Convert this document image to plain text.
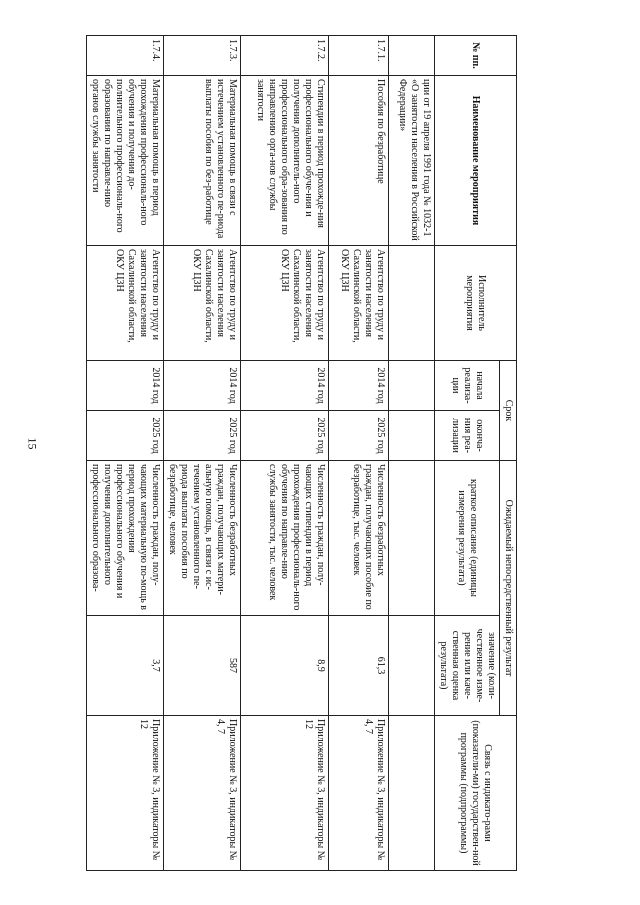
15
№ пп.	Наименование мероприятия	Исполнитель мероприятия	Срок		Ожидаемый непосредственный результат		Связь с индикато-рами (показатели-ми) государствен-ной программы (подпрограммы)
			начала реализа-ции	оконча-ния реа-лизации	краткое описание (единицы измерения результата)	значение (коли-чественное изме-рение или каче-ственная оценка результата)	
	ции от 19 апреля 1991 года № 1032-1 «О занятости населения в Российской Федерации»						
1.7.1.	Пособия по безработице	Агентство по труду и занятости населения Сахалинской области, ОКУ ЦЗН	2014 год	2025 год	Численность безработных граждан, получающих пособие по безработице, тыс. человек	61,3	Приложение № 3, индикаторы № 4, 7
1.7.2.	Стипендии в период прохожде-ния профессионального обуче-ния и получения дополнитель-ного профессионального обра-зования по направлению орга-нов службы занятости	Агентство по труду и занятости населения Сахалинской области, ОКУ ЦЗН	2014 год	2025 год	Численность граждан, полу-чающих стипендии в период прохождения профессиональ-ного обучения по направле-нию службы занятости, тыс. человек	8,9	Приложение № 3, индикаторы № 12
1.7.3.	Материальная помощь в связи с истечением установленного пе-риода выплаты пособия по без-работице	Агентство по труду и занятости населения Сахалинской области, ОКУ ЦЗН	2014 год	2025 год	Численность безработных граждан, получающих матери-альную помощь, в связи с ис-течением установленного пе-риода выплаты пособия по безработице, человек	587	Приложение № 3, индикаторы № 4, 7
1.7.4.	Материальная помощь в период прохождения профессиональ-ного обучения и получения до-полнительного профессиональ-ного образования по направле-нию органов службы занятости	Агентство по труду и занятости населения Сахалинской области, ОКУ ЦЗН	2014 год	2025 год	Численность граждан, полу-чающих материальную по-мощь в период прохождения профессионального обучения и получения дополнительного профессионального образова-	3,7	Приложение № 3, индикаторы № 12
